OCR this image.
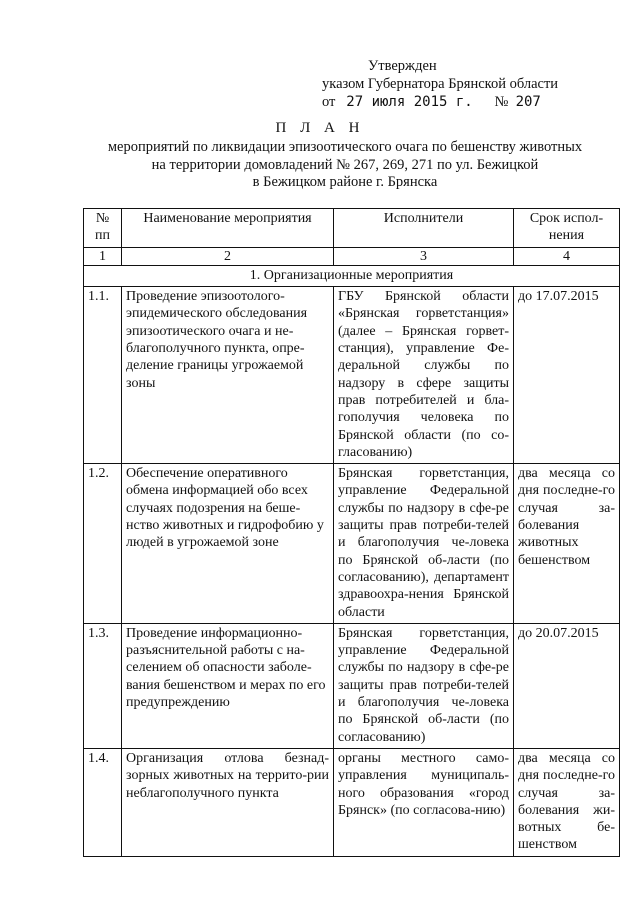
Утвержден
указом Губернатора Брянской области
от 27 июля 2015 г. № 207
П Л А Н
мероприятий по ликвидации эпизоотического очага по бешенству животных
на территории домовладений № 267, 269, 271 по ул. Бежицкой
в Бежицком районе г. Брянска
№ пп	Наименование мероприятия	Исполнители	Срок испол-нения
1	2	3	4
1. Организационные мероприятия			
1.1.	Проведение эпизоотолого-эпидемического обследования эпизоотического очага и не-благополучного пункта, опре-деление границы угрожаемой зоны	ГБУ Брянской области «Брянская горветстанция» (далее – Брянская горвет-станция), управление Фе-деральной службы по надзору в сфере защиты прав потребителей и бла-гополучия человека по Брянской области (по со-гласованию)	до 17.07.2015
1.2.	Обеспечение оперативного обмена информацией обо всех случаях подозрения на беше-нство животных и гидрофобию у людей в угрожаемой зоне	Брянская горветстанция, управление Федеральной службы по надзору в сфе-ре защиты прав потреби-телей и благополучия че-ловека по Брянской об-ласти (по согласованию), департамент здравоохра-нения Брянской области	два месяца со дня последне-го случая за-болевания животных бешенством
1.3.	Проведение информационно-разъяснительной работы с на-селением об опасности заболе-вания бешенством и мерах по его предупреждению	Брянская горветстанция, управление Федеральной службы по надзору в сфе-ре защиты прав потреби-телей и благополучия че-ловека по Брянской об-ласти (по согласованию)	до 20.07.2015
1.4.	Организация отлова безнад-зорных животных на террито-рии неблагополучного пункта	органы местного само-управления муниципаль-ного образования «город Брянск» (по согласова-нию)	два месяца со дня последне-го случая за-болевания жи-вотных бе-шенством
